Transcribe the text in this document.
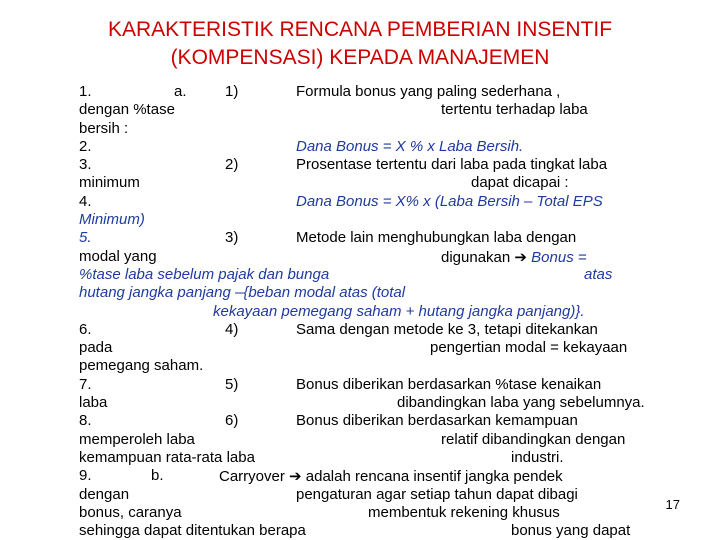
KARAKTERISTIK RENCANA PEMBERIAN INSENTIF
(KOMPENSASI) KEPADA MANAJEMEN
1.	a.	1)	Formula bonus yang paling sederhana ,
dengan %tase	tertentu terhadap laba
bersih :
2.	Dana Bonus = X % x Laba Bersih.
3.	2)	Prosentase tertentu dari laba pada tingkat laba
minimum	dapat dicapai :
4.	Dana Bonus = X% x (Laba Bersih – Total EPS
Minimum)
5.	3)	Metode lain menghubungkan laba dengan
modal yang	digunakan ➔ Bonus =
%tase laba sebelum pajak dan bunga	atas
hutang jangka panjang –{beban modal atas (total
kekayaan pemegang saham + hutang jangka panjang)}.
6.	4)	Sama dengan metode ke 3, tetapi ditekankan
pada	pengertian modal = kekayaan
pemegang saham.
7.	5)	Bonus diberikan berdasarkan %tase kenaikan
laba	dibandingkan laba yang sebelumnya.
8.	6)	Bonus diberikan berdasarkan kemampuan
memperoleh laba	relatif dibandingkan dengan
kemampuan rata-rata laba	industri.
9.	b.	Carryover ➔ adalah rencana insentif jangka pendek
dengan	pengaturan agar setiap tahun dapat dibagi
bonus, caranya	membentuk rekening khusus
sehingga dapat ditentukan berapa	bonus yang dapat
17
